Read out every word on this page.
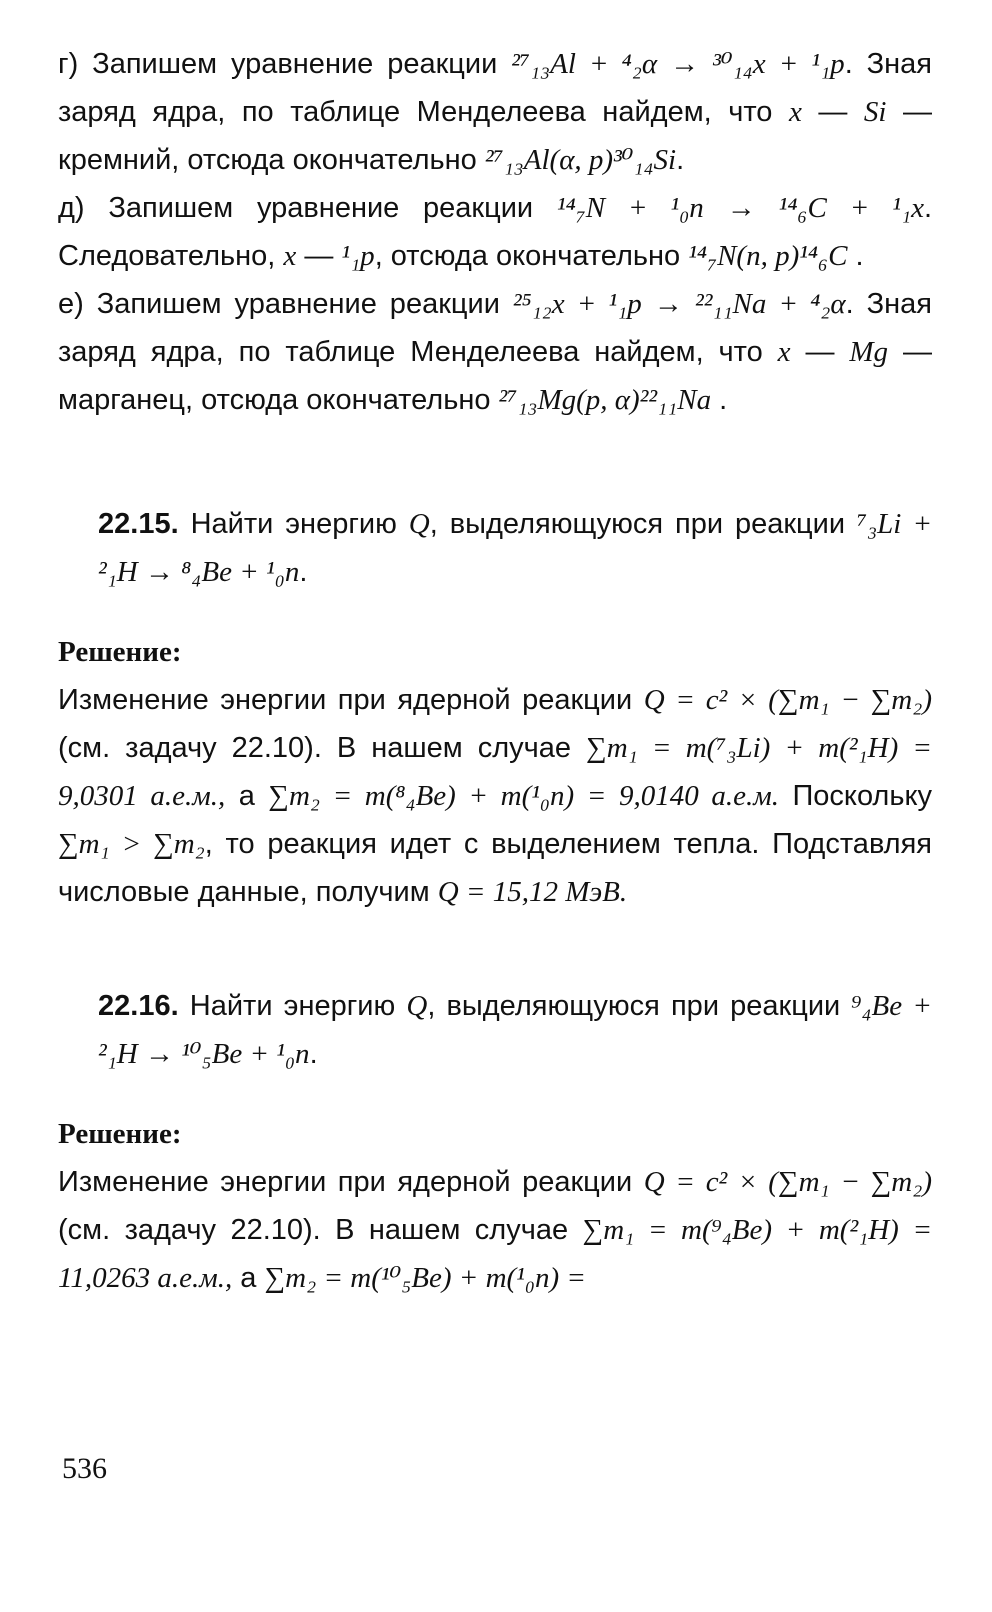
г) Запишем уравнение реакции ²⁷₁₃Al + ⁴₂α → ³⁰₁₄x + ¹₁p. Зная заряд ядра, по таблице Менделеева найдем, что x — Si — кремний, отсюда окончательно ²⁷₁₃Al(α, p)³⁰₁₄Si.

д) Запишем уравнение реакции ¹⁴₇N + ¹₀n → ¹⁴₆C + ¹₁x. Следовательно, x — ¹₁p, отсюда окончательно ¹⁴₇N(n, p)¹⁴₆C .

е) Запишем уравнение реакции ²⁵₁₂x + ¹₁p → ²²₁₁Na + ⁴₂α. Зная заряд ядра, по таблице Менделеева найдем, что x — Mg — марганец, отсюда окончательно ²⁷₁₃Mg(p, α)²²₁₁Na .

22.15. Найти энергию Q, выделяющуюся при реакции ⁷₃Li + ²₁H → ⁸₄Be + ¹₀n.

Решение:

Изменение энергии при ядерной реакции Q = c² × (∑m₁ − ∑m₂) (см. задачу 22.10). В нашем случае ∑m₁ = m(⁷₃Li) + m(²₁H) = 9,0301 а.е.м., а ∑m₂ = m(⁸₄Be) + m(¹₀n) = 9,0140 а.е.м. Поскольку ∑m₁ > ∑m₂, то реакция идет с выделением тепла. Подставляя числовые данные, получим Q = 15,12 МэВ.

22.16. Найти энергию Q, выделяющуюся при реакции ⁹₄Be + ²₁H → ¹⁰₅Be + ¹₀n.

Решение:

Изменение энергии при ядерной реакции Q = c² × (∑m₁ − ∑m₂) (см. задачу 22.10). В нашем случае ∑m₁ = m(⁹₄Be) + m(²₁H) = 11,0263 а.е.м., а ∑m₂ = m(¹⁰₅Be) + m(¹₀n) =

536
